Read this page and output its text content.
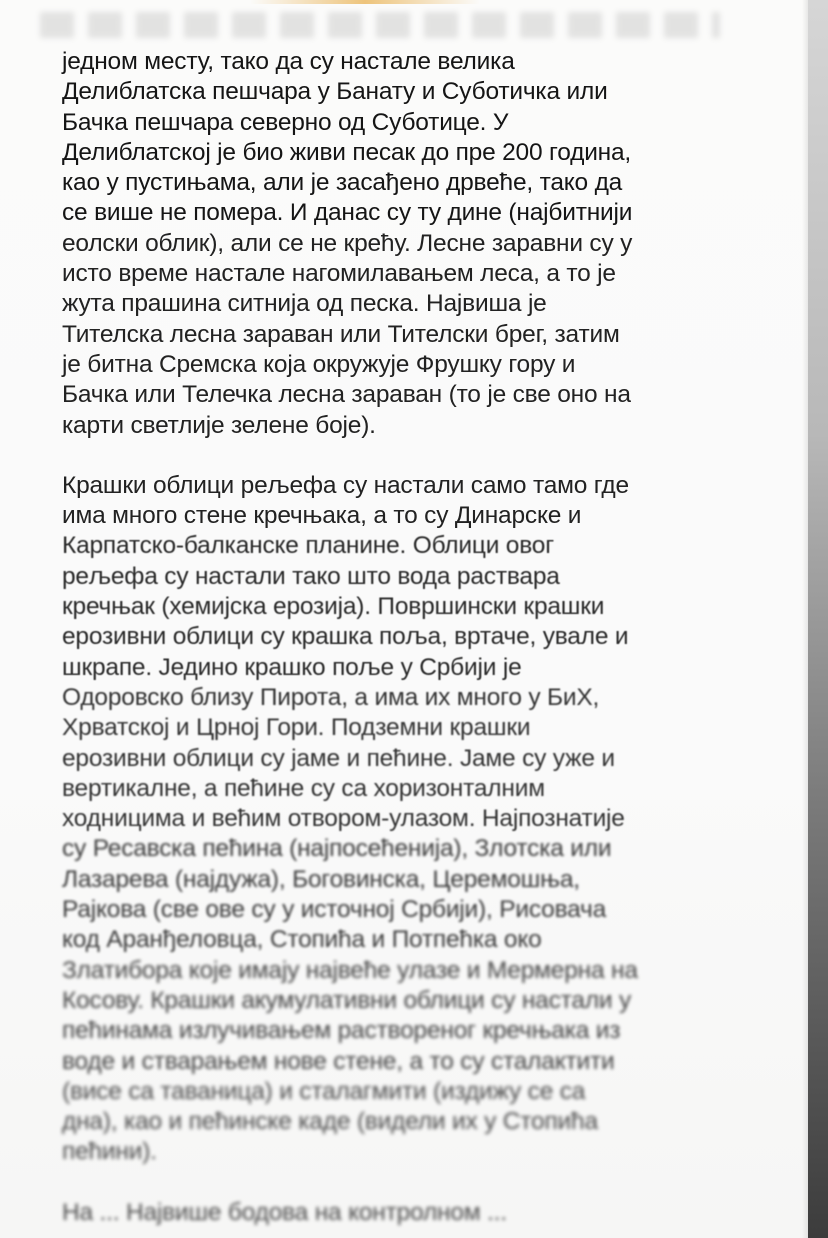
једном месту, тако да су настале велика
Делиблатска пешчара у Банату и Суботичка или
Бачка пешчара северно од Суботице. У
Делиблатској је био живи песак до пре 200 година,
као у пустињама, али је засађено дрвеће, тако да
се више не помера. И данас су ту дине (најбитнији
еолски облик), али се не крећу. Лесне заравни су у
исто време настале нагомилавањем леса, а то је
жута прашина ситнија од песка. Највиша је
Тителска лесна зараван или Тителски брег, затим
је битна Сремска која окружује Фрушку гору и
Бачка или Телечка лесна зараван (то је све оно на
карти светлије зелене боје).
Крашки облици рељефа су настали само тамо где
има много стене кречњака, а то су Динарске и
Карпатско-балканске планине. Облици овог
рељефа су настали тако што вода раствара
кречњак (хемијска ерозија). Површински крашки
ерозивни облици су крашка поља, вртаче, увале и
шкрапе. Једино крашко поље у Србији је
Одоровско близу Пирота, а има их много у БиХ,
Хрватској и Црној Гори. Подземни крашки
ерозивни облици су јаме и пећине. Јаме су уже и
вертикалне, а пећине су са хоризонталним
ходницима и већим отвором-улазом. Најпознатије
су Ресавска пећина (најпосећенија), Злотска или
Лазарева (најдужа), Боговинска, Церемошња,
Рајкова (све ове су у источној Србији), Рисовача
код Аранђеловца, Стопића и Потпећка око
Златибора које имају највеће улазе и Мермерна на
Косову. Крашки акумулативни облици су настали у
пећинама излучивањем раствореног кречњака из
воде и стварањем нове стене, а то су сталактити
(висе са таваница) и сталагмити (издижу се са
дна), као и пећинске каде (видели их у Стопића
пећини).
На ... Највише бодова на контролном ...
